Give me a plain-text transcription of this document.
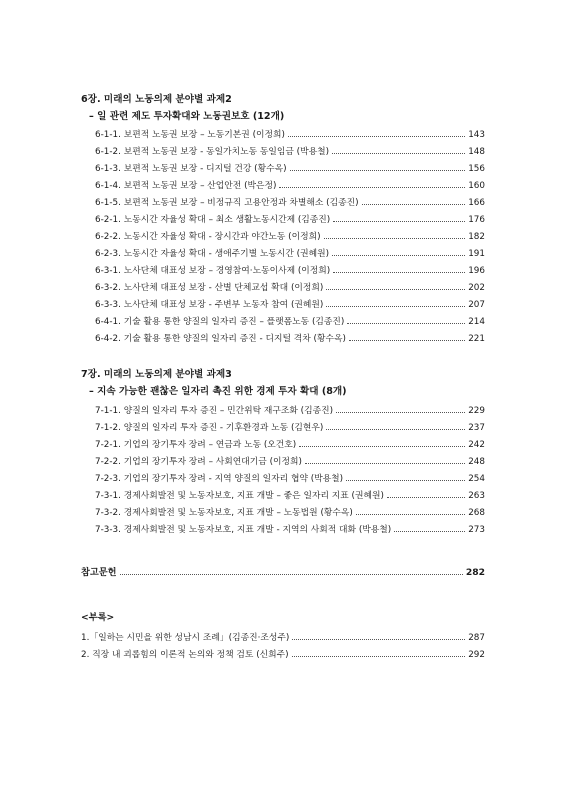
6장. 미래의 노동의제 분야별 과제2
– 일 관련 제도 투자확대와 노동권보호 (12개)
6-1-1. 보편적 노동권 보장 – 노동기본권 (이정희)	143
6-1-2. 보편적 노동권 보장 - 동일가치노동 동일임금 (박용철)	148
6-1-3. 보편적 노동권 보장 - 디지털 건강 (황수옥)	156
6-1-4. 보편적 노동권 보장 – 산업안전 (박은정)	160
6-1-5. 보편적 노동권 보장 – 비정규직 고용안정과 차별해소 (김종진)	166
6-2-1. 노동시간 자율성 확대 – 최소 생활노동시간제 (김종진)	176
6-2-2. 노동시간 자율성 확대 - 장시간과 야간노동 (이정희)	182
6-2-3. 노동시간 자율성 확대 - 생애주기별 노동시간 (권혜원)	191
6-3-1. 노사단체 대표성 보장 – 경영참여·노동이사제 (이정희)	196
6-3-2. 노사단체 대표성 보장 - 산별 단체교섭 확대 (이정희)	202
6-3-3. 노사단체 대표성 보장 - 주변부 노동자 참여 (권혜원)	207
6-4-1. 기술 활용 통한 양질의 일자리 증진 – 플랫폼노동 (김종진)	214
6-4-2. 기술 활용 통한 양질의 일자리 증진 - 디지털 격차 (황수옥)	221
7장. 미래의 노동의제 분야별 과제3
– 지속 가능한 괜찮은 일자리 촉진 위한 경제 투자 확대 (8개)
7-1-1. 양질의 일자리 투자 증진 – 민간위탁 재구조화 (김종진)	229
7-1-2. 양질의 일자리 투자 증진 - 기후환경과 노동 (김현우)	237
7-2-1. 기업의 장기투자 장려 – 연금과 노동 (오건호)	242
7-2-2. 기업의 장기투자 장려 – 사회연대기금 (이정희)	248
7-2-3. 기업의 장기투자 장려 - 지역 양질의 일자리 협약 (박용철)	254
7-3-1. 경제사회발전 및 노동자보호, 지표 개발 – 좋은 일자리 지표 (권혜원)	263
7-3-2. 경제사회발전 및 노동자보호, 지표 개발 – 노동법원 (황수옥)	268
7-3-3. 경제사회발전 및 노동자보호, 지표 개발 - 지역의 사회적 대화 (박용철)	273
참고문헌	282
<부록>
1.「일하는 시민을 위한 성남시 조례」(김종진·조성주)	287
2. 직장 내 괴롭힘의 이론적 논의와 정책 검토 (신희주)	292
